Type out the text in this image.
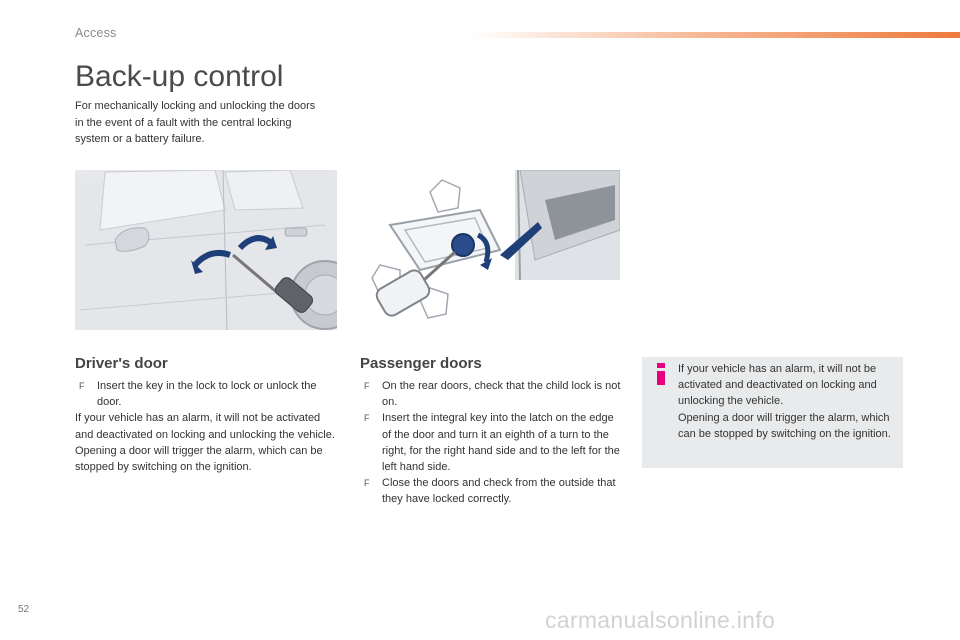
Access
Back-up control

For mechanically locking and unlocking the doors in the event of a fault with the central locking system or a battery failure.

Driver's door
F Insert the key in the lock to lock or unlock the door.

If your vehicle has an alarm, it will not be activated and deactivated on locking and unlocking the vehicle.

Opening a door will trigger the alarm, which can be stopped by switching on the ignition.

Passenger doors
F On the rear doors, check that the child lock is not on.
F Insert the integral key into the latch on the edge of the door and turn it an eighth of a turn to the right, for the right hand side and to the left for the left hand side.
F Close the doors and check from the outside that they have locked correctly.

If your vehicle has an alarm, it will not be activated and deactivated on locking and unlocking the vehicle.

Opening a door will trigger the alarm, which can be stopped by switching on the ignition.

52	carmanualsonline.info
